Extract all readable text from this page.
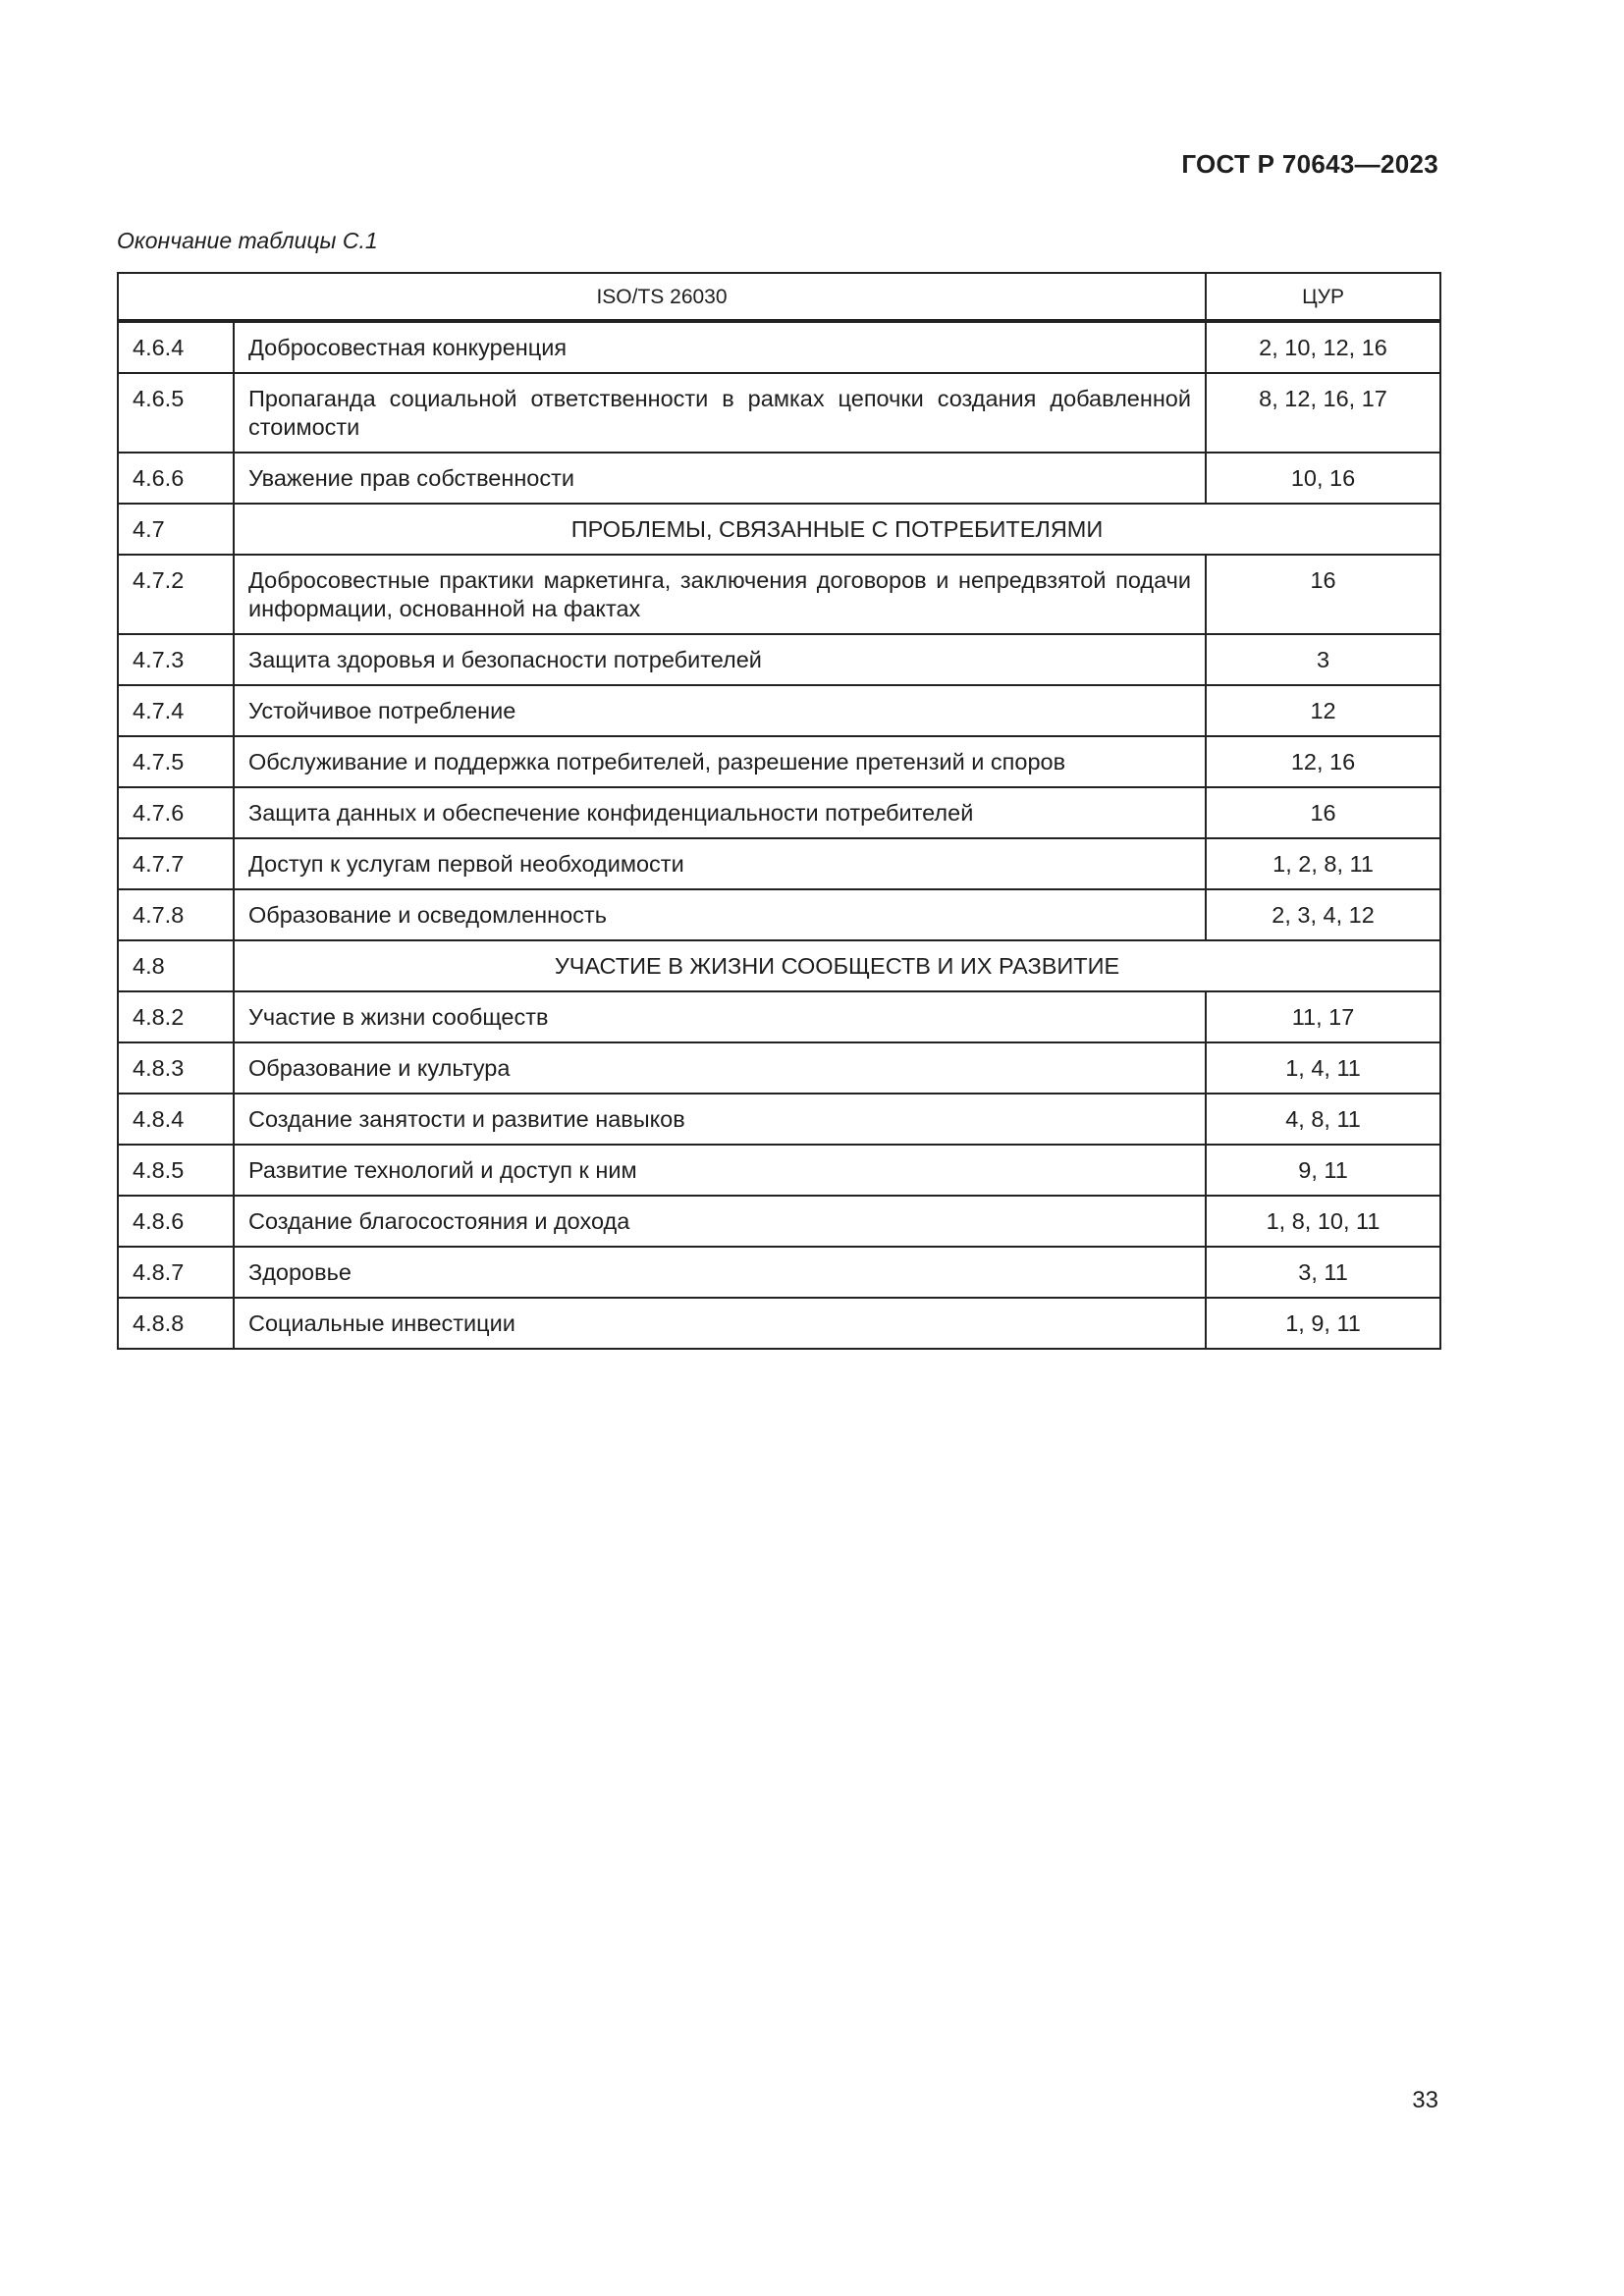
ГОСТ Р 70643—2023
Окончание таблицы С.1
ISO/TS 26030		ЦУР
4.6.4	Добросовестная конкуренция	2, 10, 12, 16
4.6.5	Пропаганда социальной ответственности в рамках цепочки создания добавленной стоимости	8, 12, 16, 17
4.6.6	Уважение прав собственности	10, 16
4.7	ПРОБЛЕМЫ, СВЯЗАННЫЕ С ПОТРЕБИТЕЛЯМИ	
4.7.2	Добросовестные практики маркетинга, заключения договоров и непредвзятой подачи информации, основанной на фактах	16
4.7.3	Защита здоровья и безопасности потребителей	3
4.7.4	Устойчивое потребление	12
4.7.5	Обслуживание и поддержка потребителей, разрешение претензий и споров	12, 16
4.7.6	Защита данных и обеспечение конфиденциальности потребителей	16
4.7.7	Доступ к услугам первой необходимости	1, 2, 8, 11
4.7.8	Образование и осведомленность	2, 3, 4, 12
4.8	УЧАСТИЕ В ЖИЗНИ СООБЩЕСТВ И ИХ РАЗВИТИЕ	
4.8.2	Участие в жизни сообществ	11, 17
4.8.3	Образование и культура	1, 4, 11
4.8.4	Создание занятости и развитие навыков	4, 8, 11
4.8.5	Развитие технологий и доступ к ним	9, 11
4.8.6	Создание благосостояния и дохода	1, 8, 10, 11
4.8.7	Здоровье	3, 11
4.8.8	Социальные инвестиции	1, 9, 11
33
